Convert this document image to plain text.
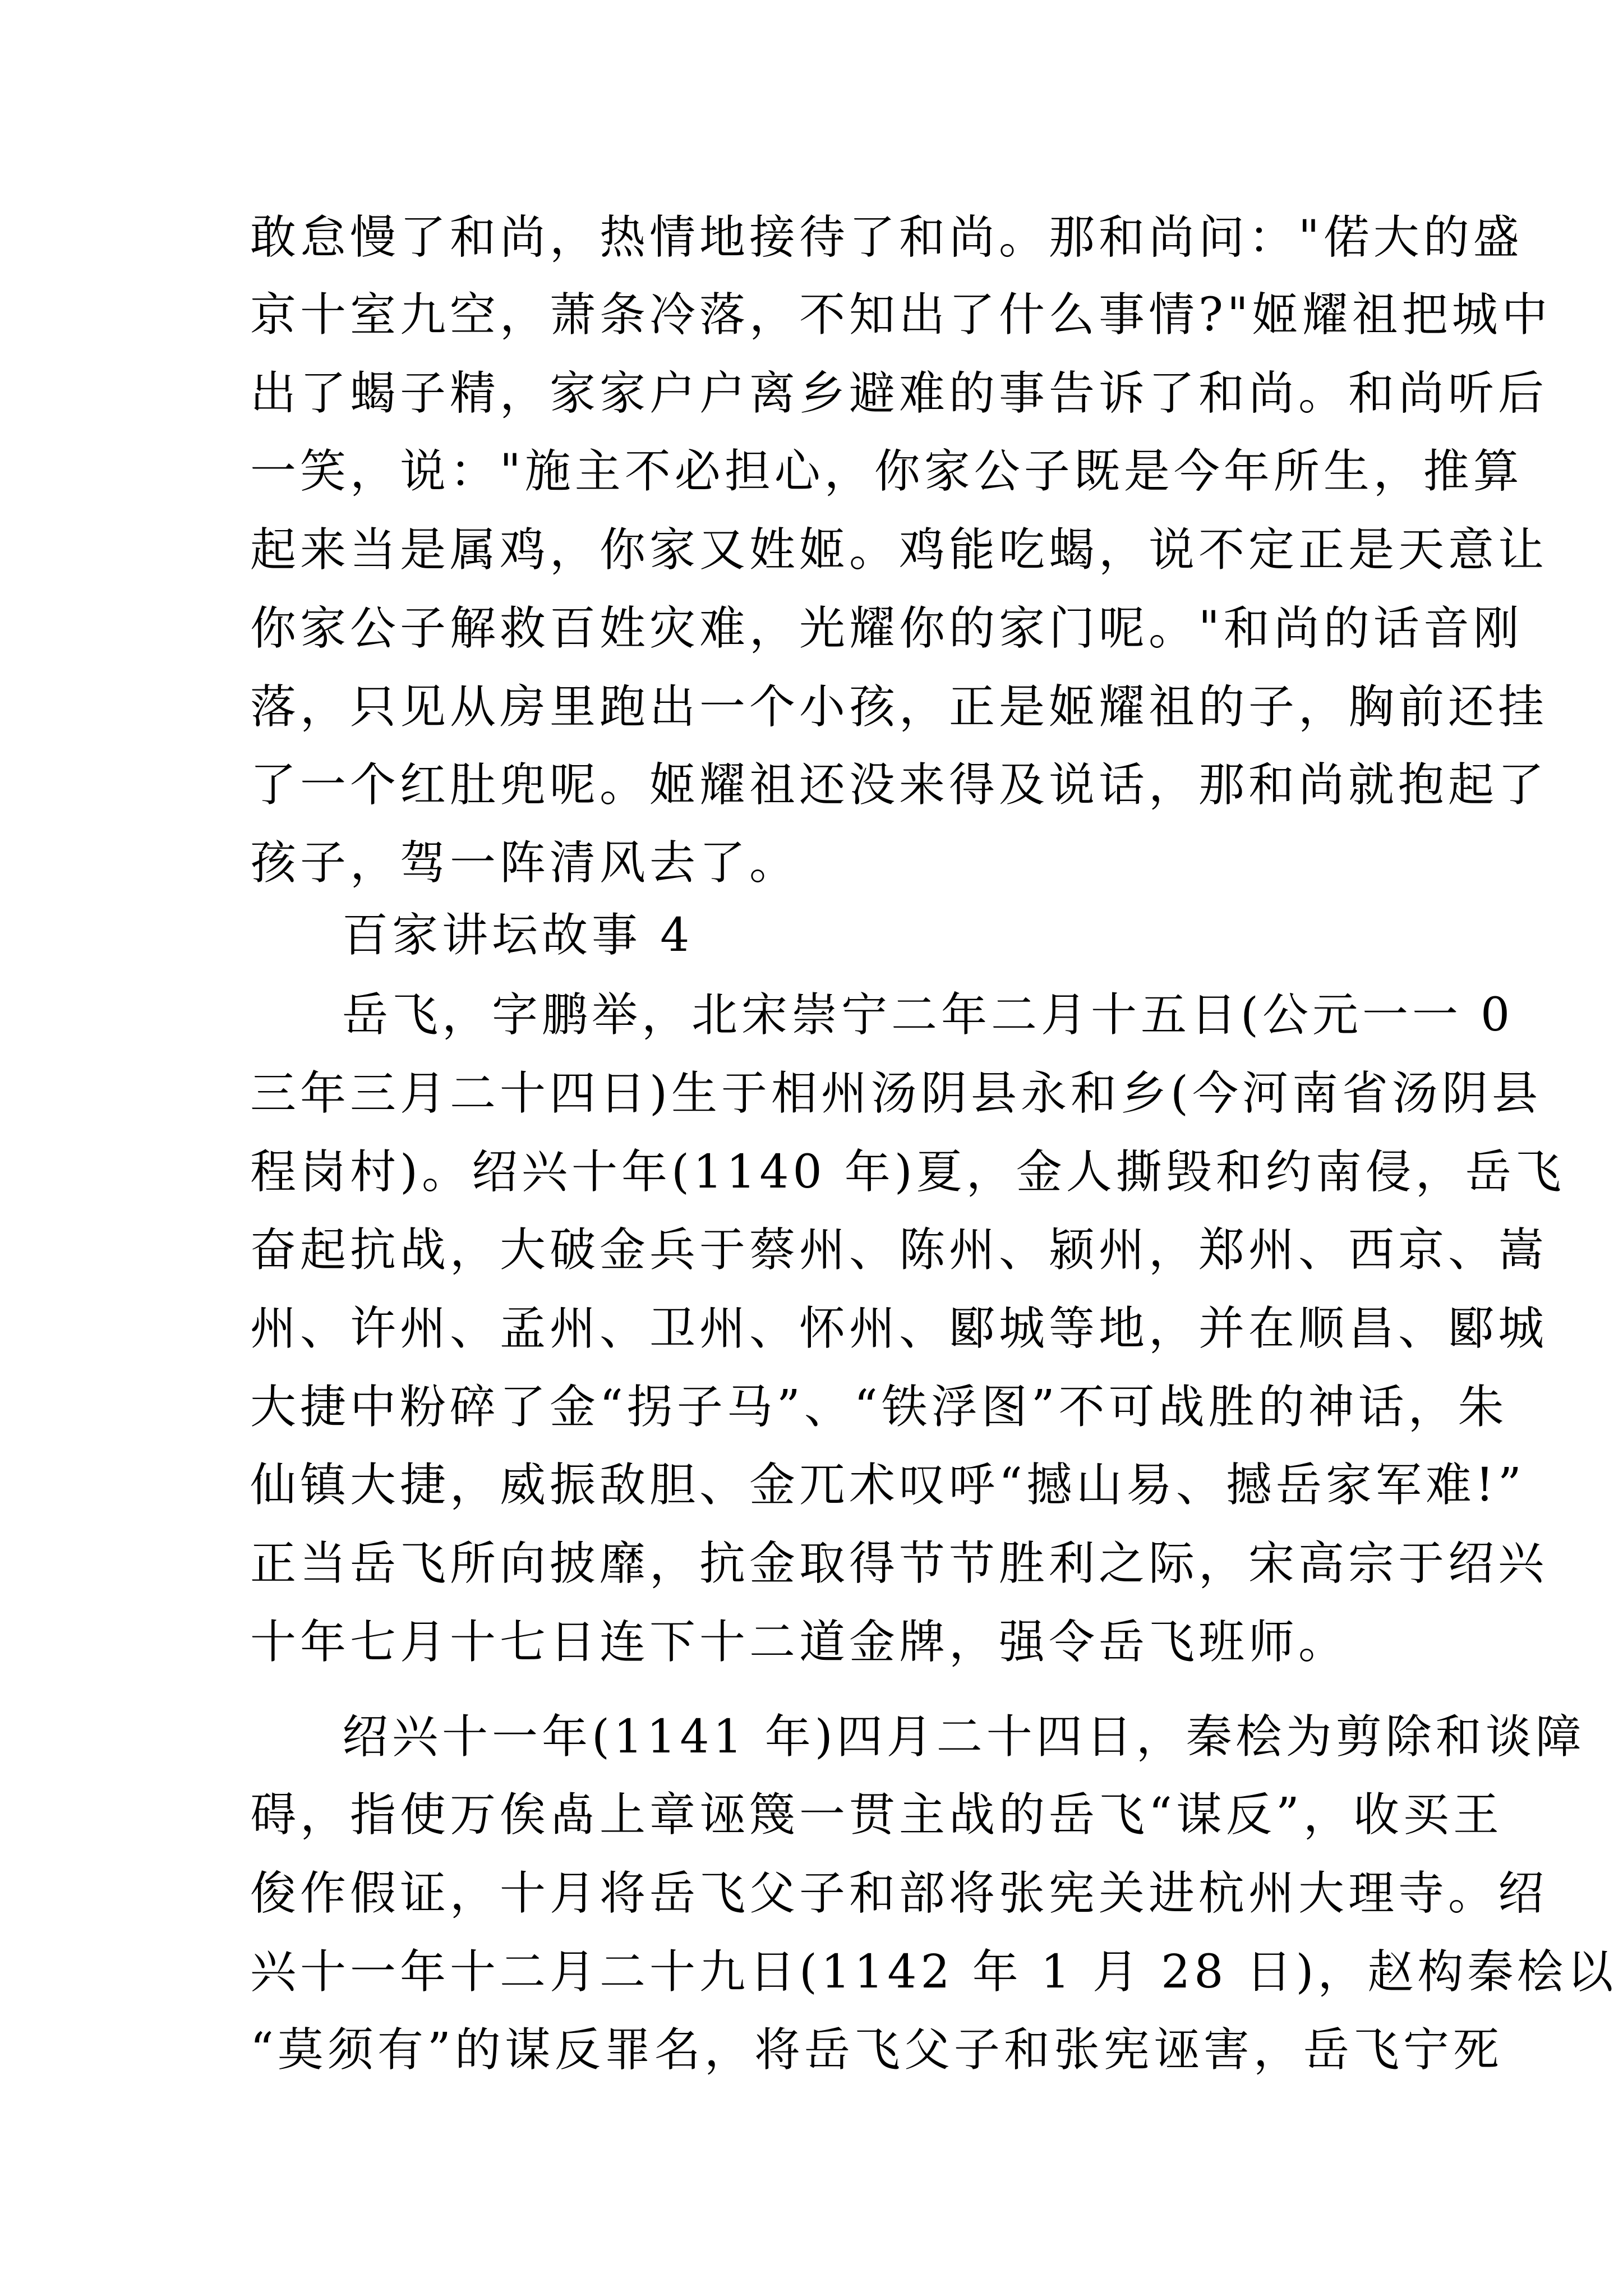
敢怠慢了和尚，热情地接待了和尚。那和尚问："偌大的盛
京十室九空，萧条冷落，不知出了什么事情?"姬耀祖把城中
出了蝎子精，家家户户离乡避难的事告诉了和尚。和尚听后
一笑，说："施主不必担心，你家公子既是今年所生，推算
起来当是属鸡，你家又姓姬。鸡能吃蝎，说不定正是天意让
你家公子解救百姓灾难，光耀你的家门呢。"和尚的话音刚
落，只见从房里跑出一个小孩，正是姬耀祖的子，胸前还挂
了一个红肚兜呢。姬耀祖还没来得及说话，那和尚就抱起了
孩子，驾一阵清风去了。
百家讲坛故事 4
岳飞，字鹏举，北宋崇宁二年二月十五日(公元一一 0
三年三月二十四日)生于相州汤阴县永和乡(今河南省汤阴县
程岗村)。绍兴十年(1140 年)夏，金人撕毁和约南侵，岳飞
奋起抗战，大破金兵于蔡州、陈州、颍州，郑州、西京、嵩
州、许州、孟州、卫州、怀州、郾城等地，并在顺昌、郾城
大捷中粉碎了金“拐子马”、“铁浮图”不可战胜的神话，朱
仙镇大捷，威振敌胆、金兀术叹呼“撼山易、撼岳家军难!”
正当岳飞所向披靡，抗金取得节节胜利之际，宋高宗于绍兴
十年七月十七日连下十二道金牌，强令岳飞班师。
绍兴十一年(1141 年)四月二十四日，秦桧为剪除和谈障
碍，指使万俟卨上章诬篾一贯主战的岳飞“谋反”，收买王
俊作假证，十月将岳飞父子和部将张宪关进杭州大理寺。绍
兴十一年十二月二十九日(1142 年 1 月 28 日)，赵构秦桧以
“莫须有”的谋反罪名，将岳飞父子和张宪诬害，岳飞宁死
